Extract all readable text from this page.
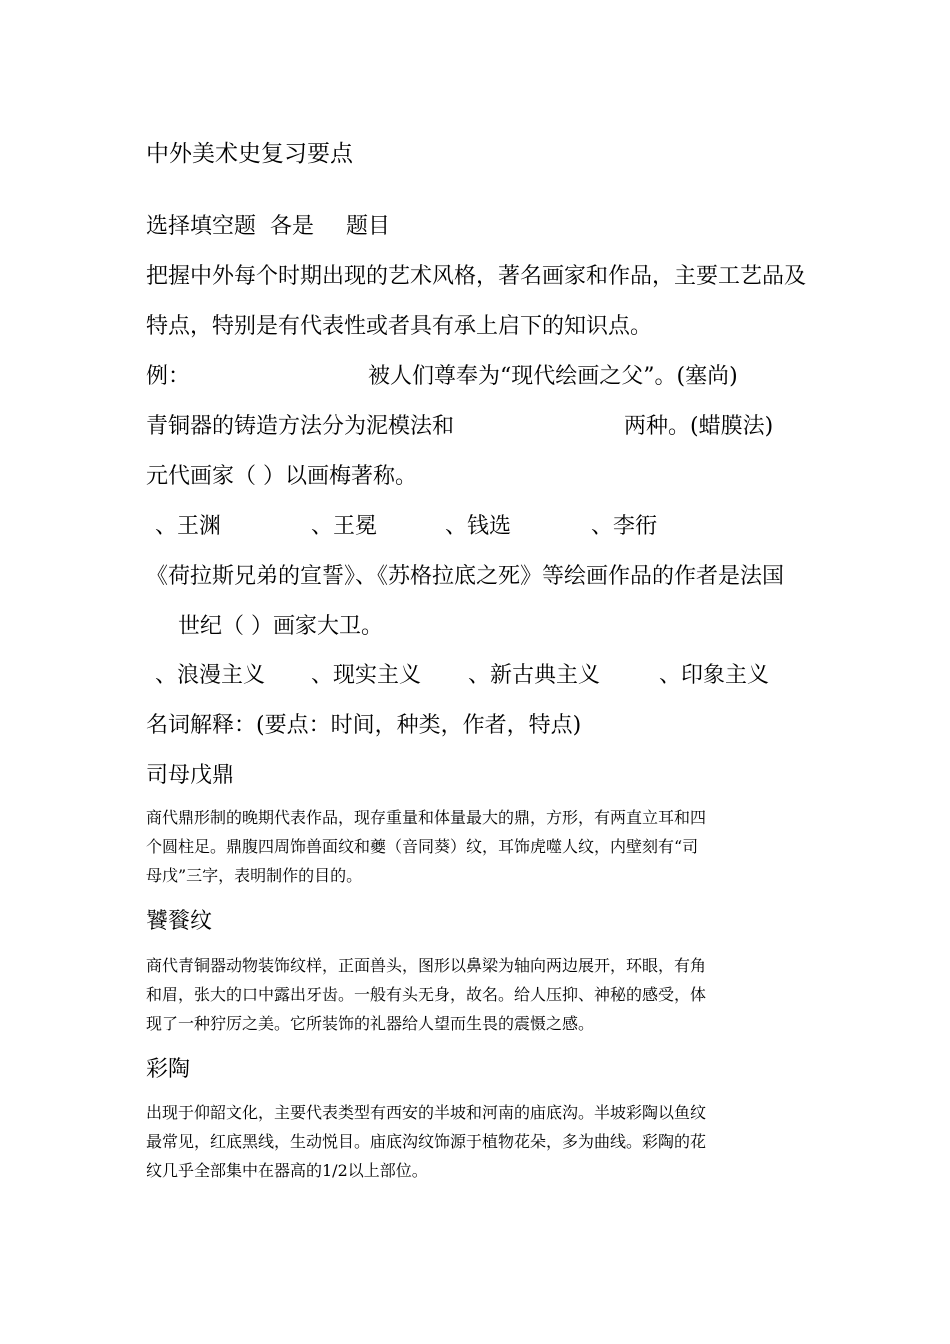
中外美术史复习要点
选择填空题 各是 题目
把握中外每个时期出现的艺术风格，著名画家和作品，主要工艺品及
特点，特别是有代表性或者具有承上启下的知识点。
例：	被人们尊奉为“现代绘画之父”。(塞尚)
青铜器的铸造方法分为泥模法和	两种。(蜡膜法)
元代画家（ ）以画梅著称。
、王渊	、王冕	、钱选	、李衎
《荷拉斯兄弟的宣誓》、《苏格拉底之死》等绘画作品的作者是法国
世纪（ ）画家大卫。
、浪漫主义 、现实主义 、新古典主义	、印象主义
名词解释：(要点：时间，种类，作者，特点)
司母戊鼎
商代鼎形制的晚期代表作品，现存重量和体量最大的鼎，方形，有两直立耳和四
个圆柱足。鼎腹四周饰兽面纹和夔（音同葵）纹，耳饰虎噬人纹，内壁刻有“司
母戊”三字，表明制作的目的。
饕餮纹
商代青铜器动物装饰纹样，正面兽头，图形以鼻梁为轴向两边展开，环眼，有角
和眉，张大的口中露出牙齿。一般有头无身，故名。给人压抑、神秘的感受，体
现了一种狞厉之美。它所装饰的礼器给人望而生畏的震慑之感。
彩陶
出现于仰韶文化，主要代表类型有西安的半坡和河南的庙底沟。半坡彩陶以鱼纹
最常见，红底黑线，生动悦目。庙底沟纹饰源于植物花朵，多为曲线。彩陶的花
纹几乎全部集中在器高的1/2以上部位。
